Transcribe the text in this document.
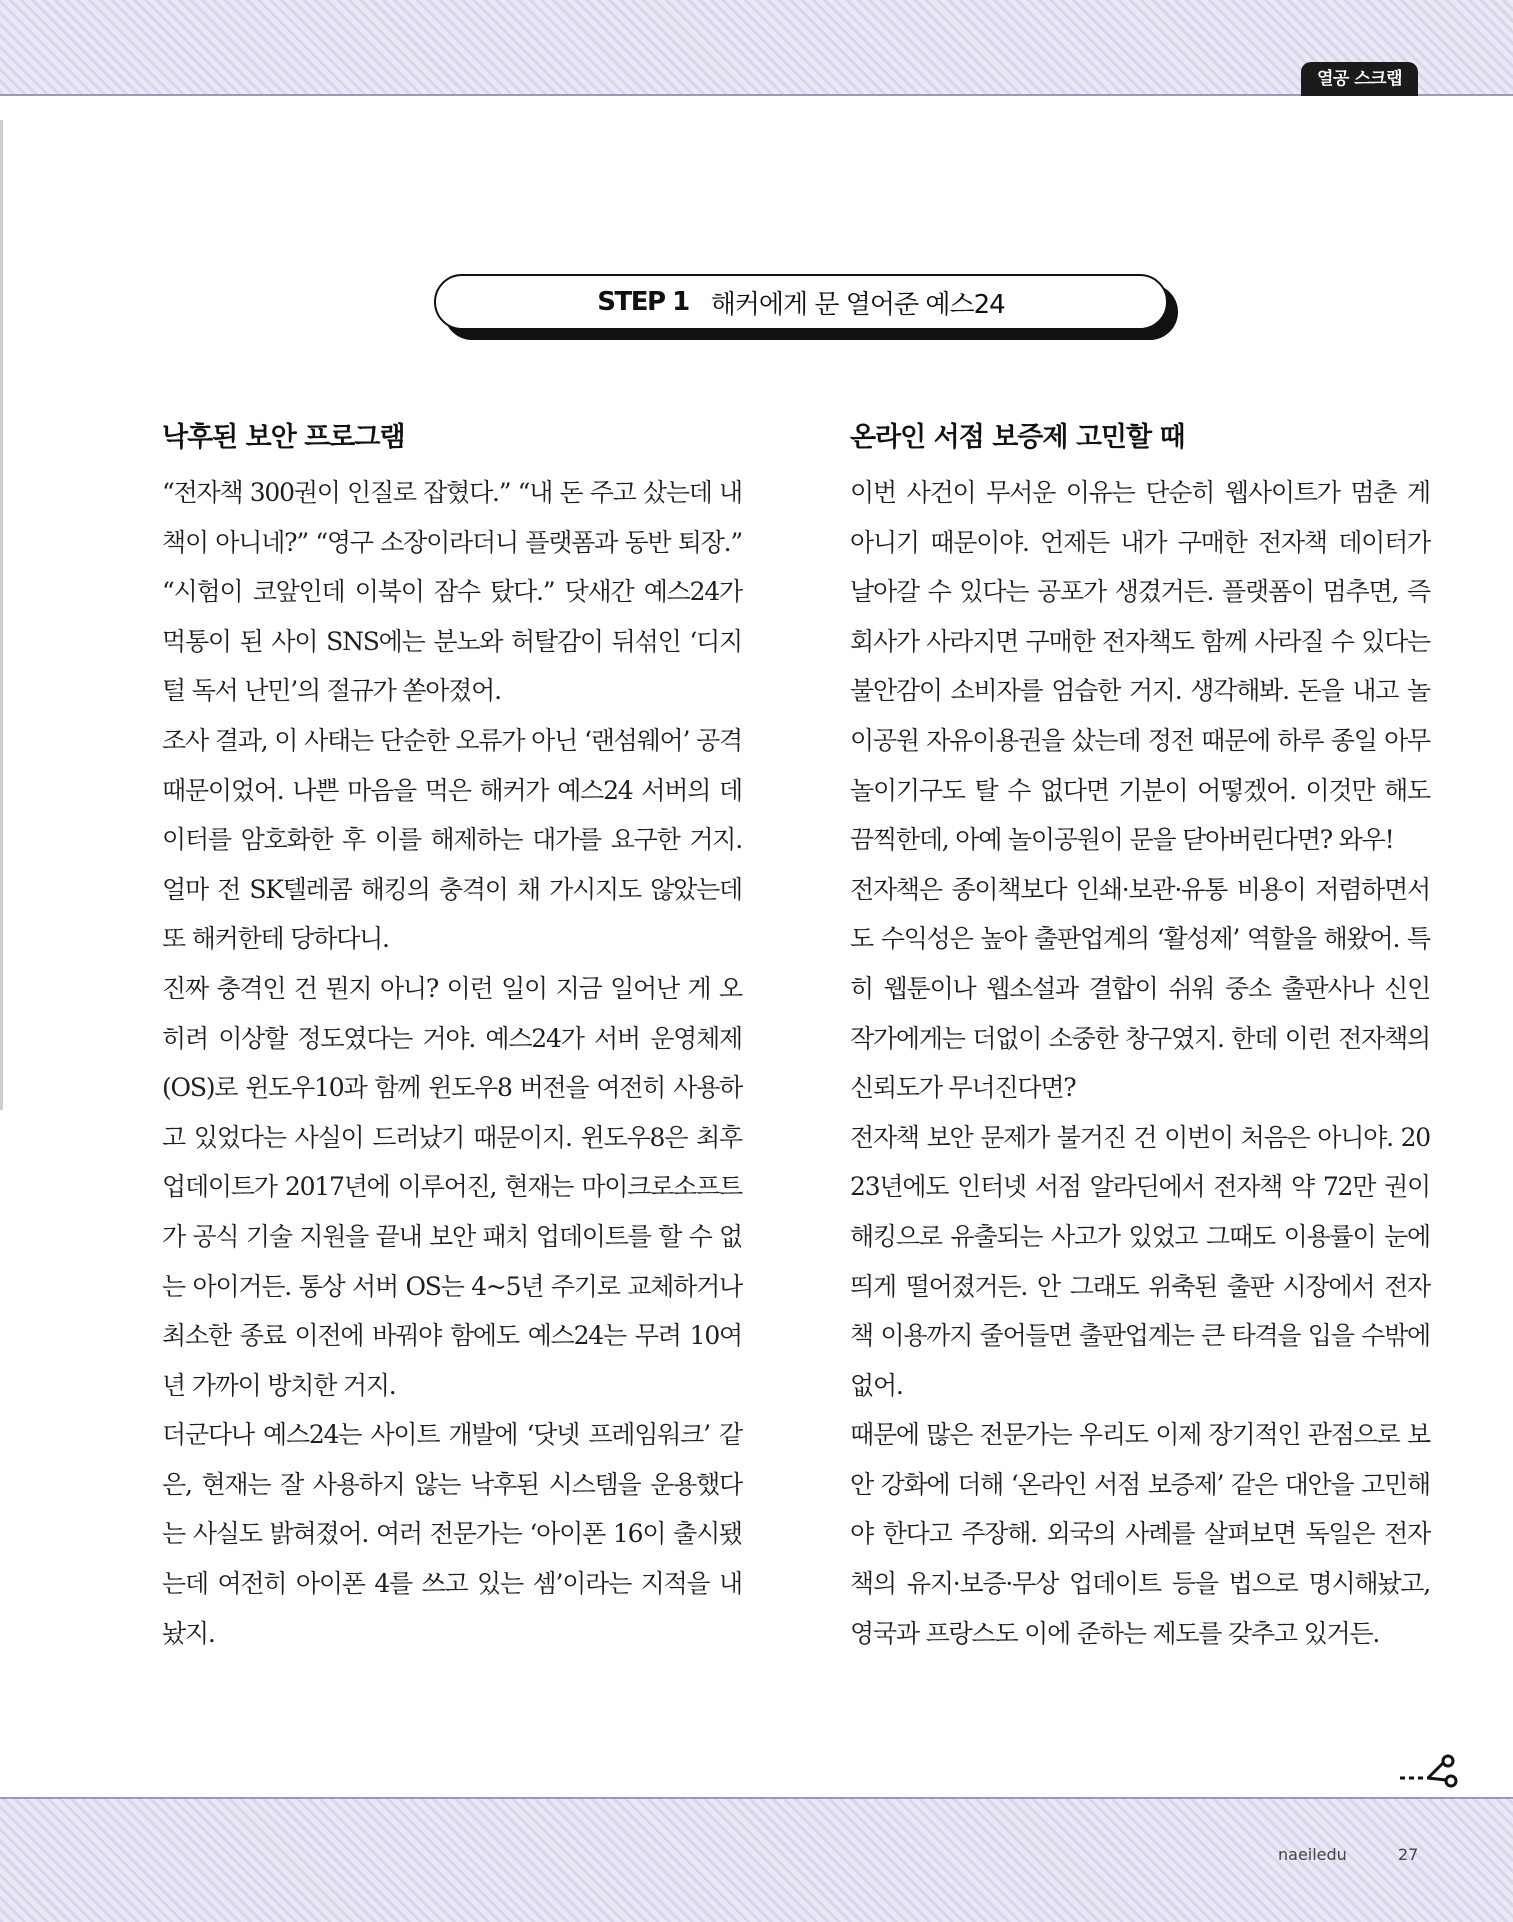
열공 스크랩
STEP 1 해커에게 문 열어준 예스24
낙후된 보안 프로그램

“전자책 300권이 인질로 잡혔다.” “내 돈 주고 샀는데 내 책이 아니네?” “영구 소장이라더니 플랫폼과 동반 퇴장.” “시험이 코앞인데 이북이 잠수 탔다.” 닷새간 예스24가 먹통이 된 사이 SNS에는 분노와 허탈감이 뒤섞인 ‘디지털 독서 난민’의 절규가 쏟아졌어.

조사 결과, 이 사태는 단순한 오류가 아닌 ‘랜섬웨어’ 공격 때문이었어. 나쁜 마음을 먹은 해커가 예스24 서버의 데이터를 암호화한 후 이를 해제하는 대가를 요구한 거지. 얼마 전 SK텔레콤 해킹의 충격이 채 가시지도 않았는데 또 해커한테 당하다니.

진짜 충격인 건 뭔지 아니? 이런 일이 지금 일어난 게 오히려 이상할 정도였다는 거야. 예스24가 서버 운영체제(OS)로 윈도우10과 함께 윈도우8 버전을 여전히 사용하고 있었다는 사실이 드러났기 때문이지. 윈도우8은 최후 업데이트가 2017년에 이루어진, 현재는 마이크로소프트가 공식 기술 지원을 끝내 보안 패치 업데이트를 할 수 없는 아이거든. 통상 서버 OS는 4~5년 주기로 교체하거나 최소한 종료 이전에 바꿔야 함에도 예스24는 무려 10여 년 가까이 방치한 거지.

더군다나 예스24는 사이트 개발에 ‘닷넷 프레임워크’ 같은, 현재는 잘 사용하지 않는 낙후된 시스템을 운용했다는 사실도 밝혀졌어. 여러 전문가는 ‘아이폰 16이 출시됐는데 여전히 아이폰 4를 쓰고 있는 셈’이라는 지적을 내놨지.

온라인 서점 보증제 고민할 때

이번 사건이 무서운 이유는 단순히 웹사이트가 멈춘 게 아니기 때문이야. 언제든 내가 구매한 전자책 데이터가 날아갈 수 있다는 공포가 생겼거든. 플랫폼이 멈추면, 즉 회사가 사라지면 구매한 전자책도 함께 사라질 수 있다는 불안감이 소비자를 엄습한 거지. 생각해봐. 돈을 내고 놀이공원 자유이용권을 샀는데 정전 때문에 하루 종일 아무 놀이기구도 탈 수 없다면 기분이 어떻겠어. 이것만 해도 끔찍한데, 아예 놀이공원이 문을 닫아버린다면? 와우!

전자책은 종이책보다 인쇄·보관·유통 비용이 저렴하면서도 수익성은 높아 출판업계의 ‘활성제’ 역할을 해왔어. 특히 웹툰이나 웹소설과 결합이 쉬워 중소 출판사나 신인 작가에게는 더없이 소중한 창구였지. 한데 이런 전자책의 신뢰도가 무너진다면?

전자책 보안 문제가 불거진 건 이번이 처음은 아니야. 2023년에도 인터넷 서점 알라딘에서 전자책 약 72만 권이 해킹으로 유출되는 사고가 있었고 그때도 이용률이 눈에 띄게 떨어졌거든. 안 그래도 위축된 출판 시장에서 전자책 이용까지 줄어들면 출판업계는 큰 타격을 입을 수밖에 없어.

때문에 많은 전문가는 우리도 이제 장기적인 관점으로 보안 강화에 더해 ‘온라인 서점 보증제’ 같은 대안을 고민해야 한다고 주장해. 외국의 사례를 살펴보면 독일은 전자책의 유지·보증·무상 업데이트 등을 법으로 명시해놨고, 영국과 프랑스도 이에 준하는 제도를 갖추고 있거든.

naeiledu	27
